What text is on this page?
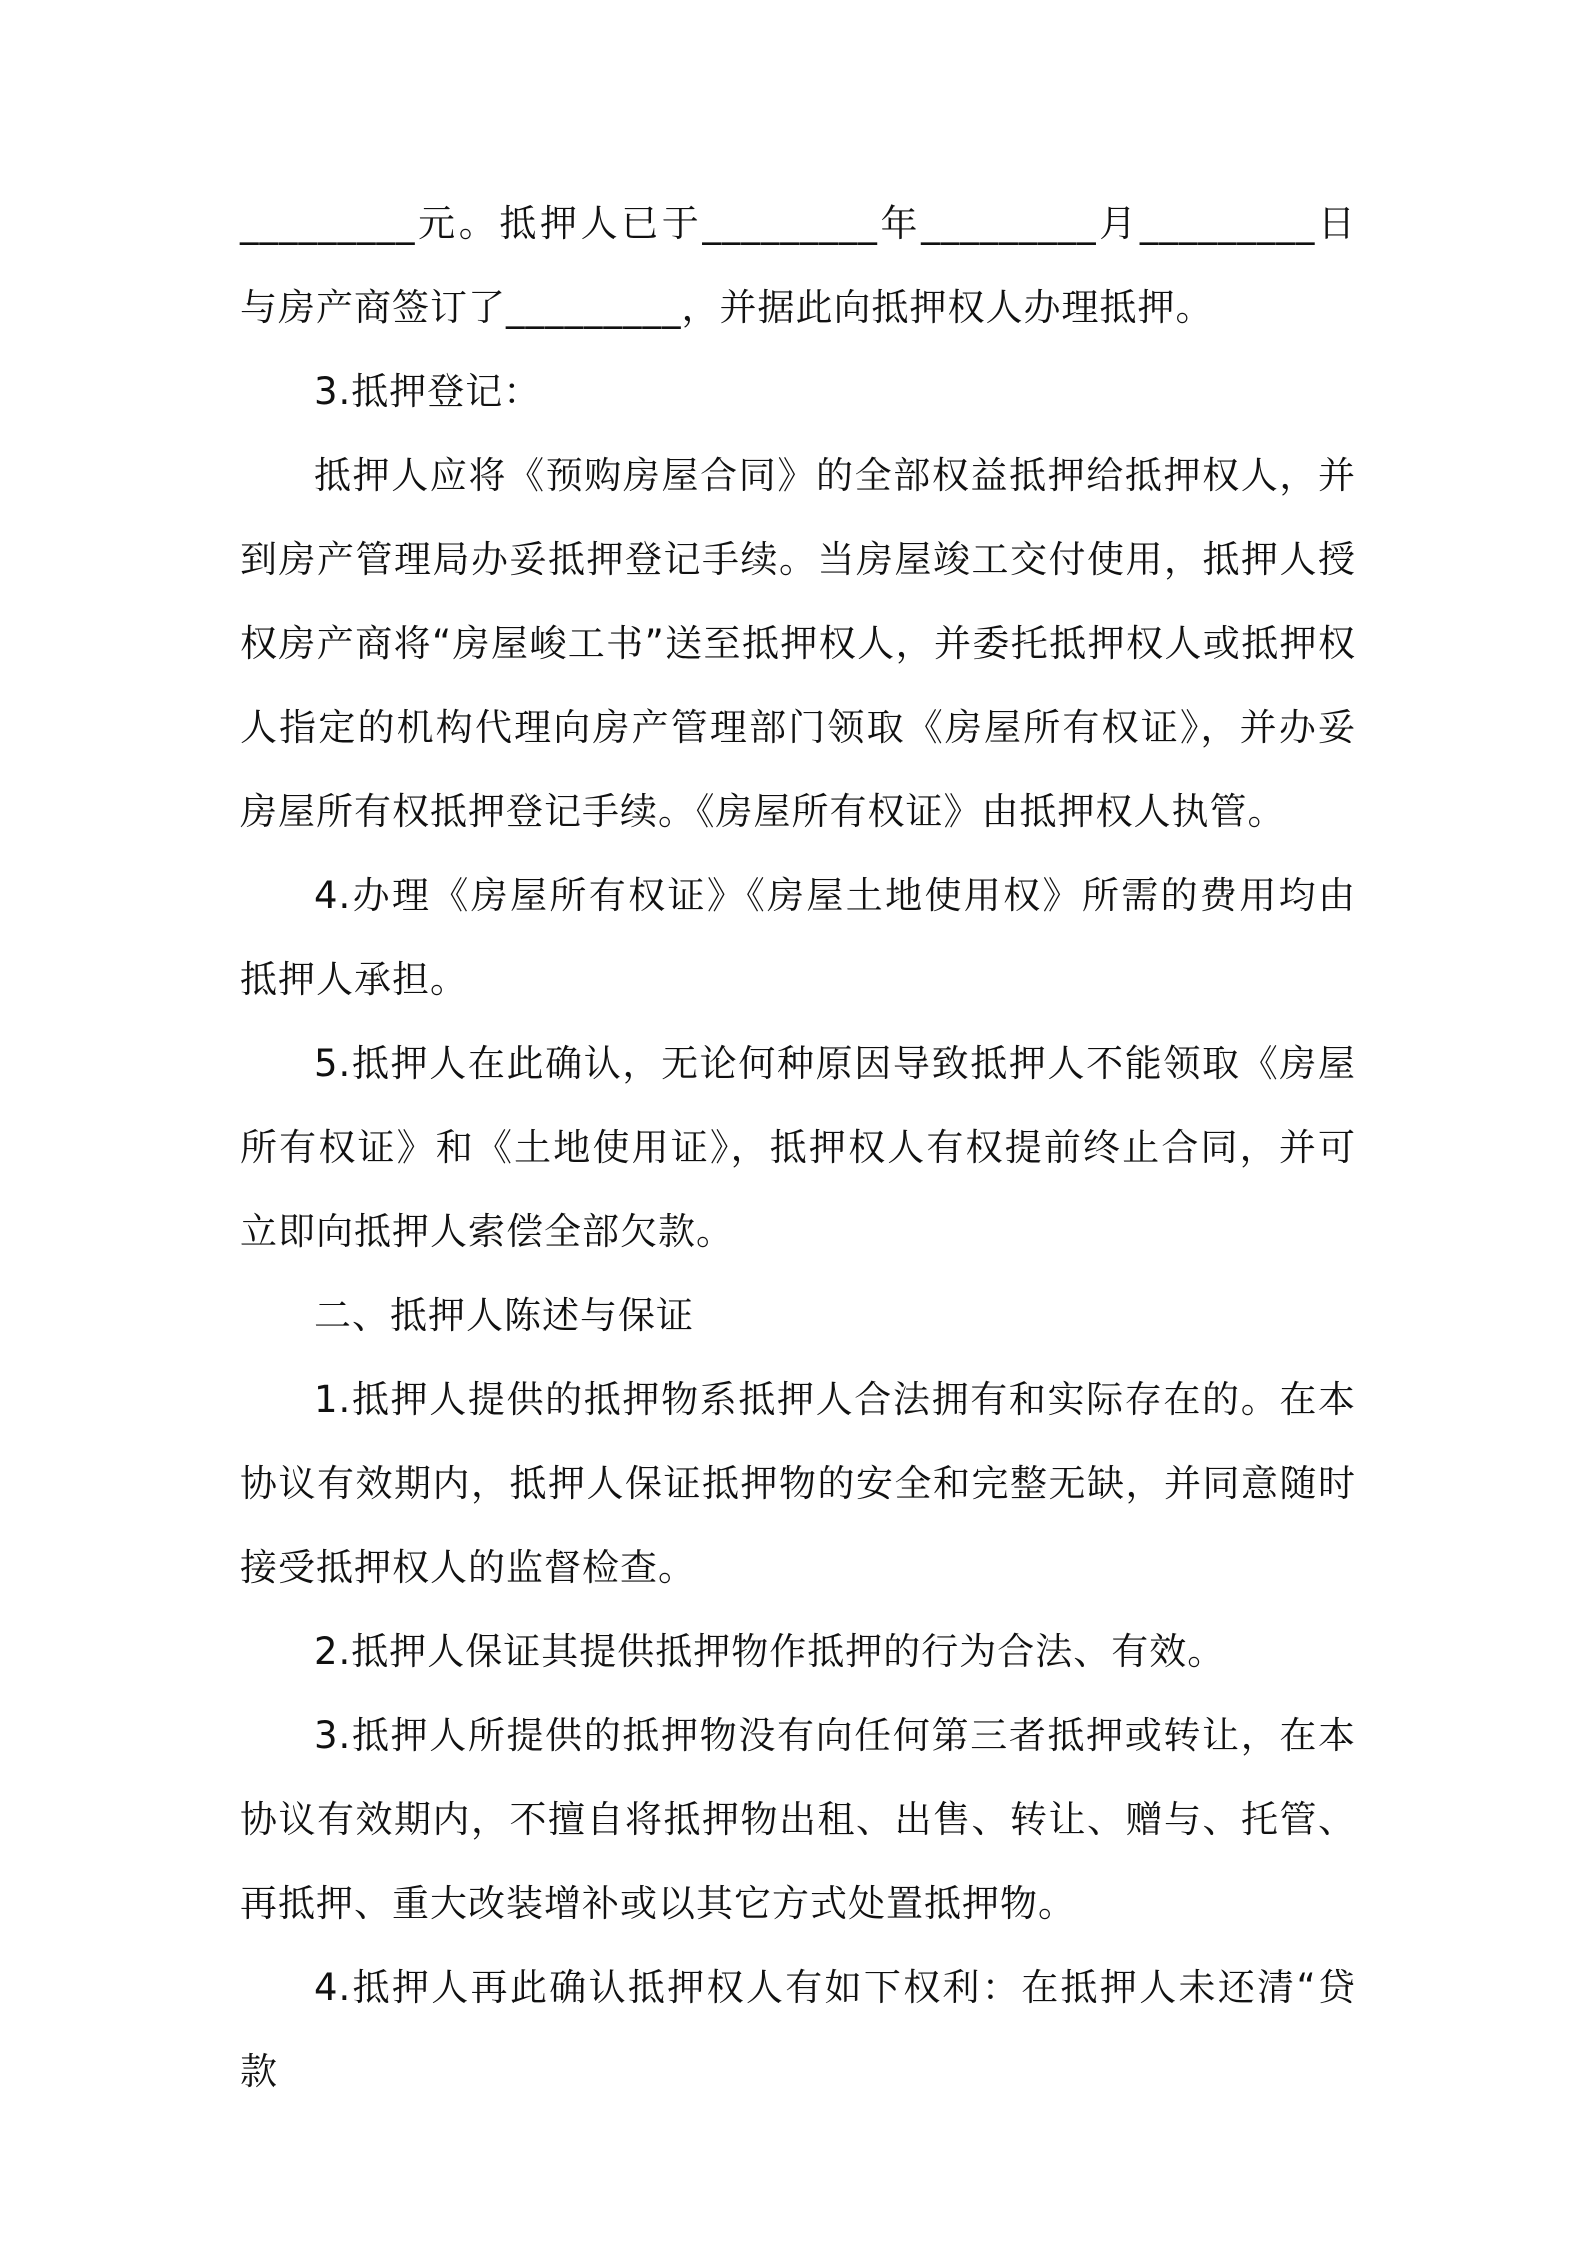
_________元。抵押人已于_________年_________月_________日与房产商签订了_________，并据此向抵押权人办理抵押。

3.抵押登记：

抵押人应将《预购房屋合同》的全部权益抵押给抵押权人，并到房产管理局办妥抵押登记手续。当房屋竣工交付使用，抵押人授权房产商将“房屋峻工书”送至抵押权人，并委托抵押权人或抵押权人指定的机构代理向房产管理部门领取《房屋所有权证》，并办妥房屋所有权抵押登记手续。《房屋所有权证》由抵押权人执管。

4.办理《房屋所有权证》《房屋土地使用权》所需的费用均由抵押人承担。

5.抵押人在此确认，无论何种原因导致抵押人不能领取《房屋所有权证》和《土地使用证》，抵押权人有权提前终止合同，并可立即向抵押人索偿全部欠款。

二、抵押人陈述与保证

1.抵押人提供的抵押物系抵押人合法拥有和实际存在的。在本协议有效期内，抵押人保证抵押物的安全和完整无缺，并同意随时接受抵押权人的监督检查。

2.抵押人保证其提供抵押物作抵押的行为合法、有效。

3.抵押人所提供的抵押物没有向任何第三者抵押或转让，在本协议有效期内，不擅自将抵押物出租、出售、转让、赠与、托管、再抵押、重大改装增补或以其它方式处置抵押物。

4.抵押人再此确认抵押权人有如下权利：在抵押人未还清“贷款
